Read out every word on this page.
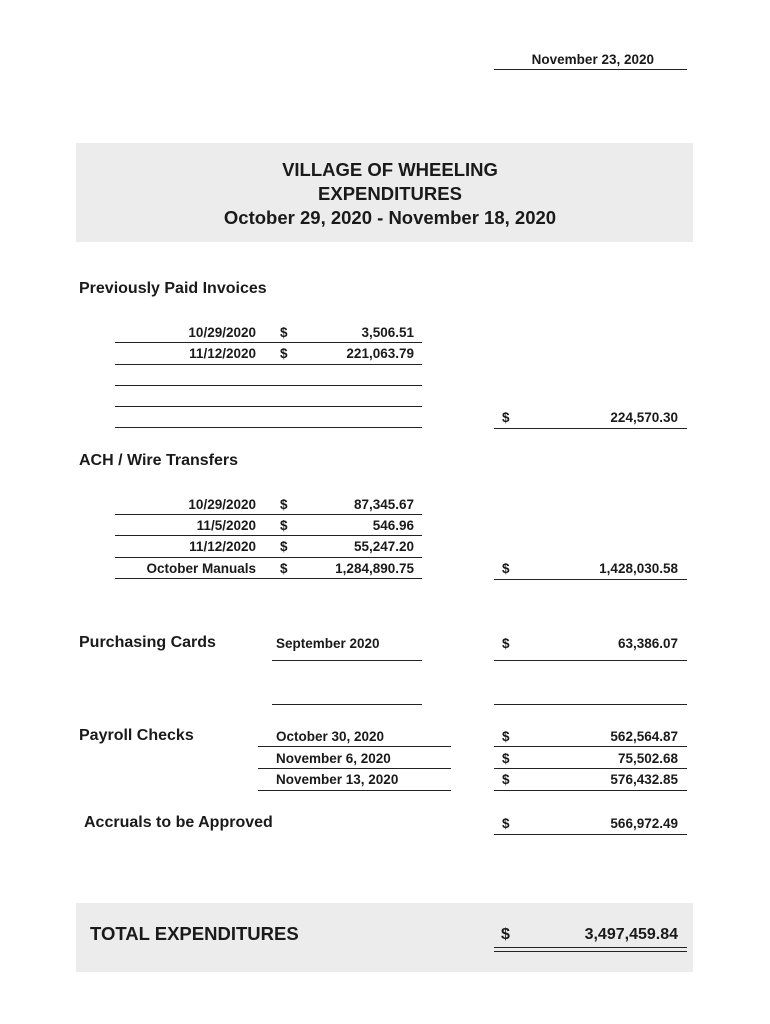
November 23, 2020
VILLAGE OF WHEELING
EXPENDITURES
October 29, 2020 - November 18, 2020
Previously Paid Invoices
10/29/2020 $	3,506.51
11/12/2020 $	221,063.79
$	224,570.30
ACH / Wire Transfers
10/29/2020 $	87,345.67
11/5/2020 $	546.96
11/12/2020 $	55,247.20
October Manuals $	1,284,890.75	$	1,428,030.58
Purchasing Cards	September 2020	$	63,386.07
Payroll Checks	October 30, 2020	$	562,564.87
November 6, 2020	$	75,502.68
November 13, 2020	$	576,432.85
Accruals to be Approved	$	566,972.49
TOTAL EXPENDITURES	$	3,497,459.84
